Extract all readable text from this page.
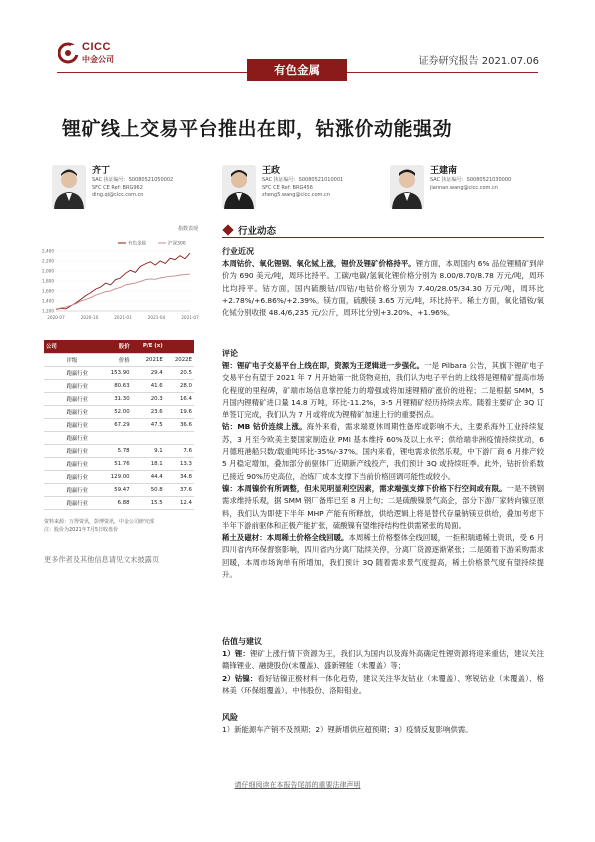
CICC
中金公司	证券研究报告 2021.07.06
有色金属
锂矿线上交易平台推出在即，钴涨价动能强劲
齐丁
SAC 执证编号：S0080521050002
SFC CE Ref: BRG962
ding.qi@cicc.com.cn
王政
SAC 执证编号：S0080521010001
SFC CE Ref: BRG456
zheng5.wang@cicc.com.cn
王建南
SAC 执证编号：S0080521030000
jiannan.wang@cicc.com.cn
指数表现
1,200
1,400
1,600
1,800
2,000
2,200
2,400
2020-07	2020-10	2021-01	2021-04	2021-07
有色金属	沪深300
公司		股价	P/E (x)	
	评级	价格	2021E	2022E
	跑赢行业	153.90	29.4	20.5
	跑赢行业	80.63	41.6	28.0
	跑赢行业	31.30	20.3	16.4
	跑赢行业	52.00	23.6	19.6
	跑赢行业	67.29	47.5	36.6
	跑赢行业			
	跑赢行业	5.78	9.1	7.6
	跑赢行业	51.76	18.1	13.3
	跑赢行业	129.00	44.4	34.8
	跑赢行业	59.47	50.8	37.6
	跑赢行业	6.88	15.5	12.4
资料来源：万得资讯，彭博资讯，中金公司研究部
注：股价为2021年7月5日收盘价
更多作者及其他信息请见文末披露页
行业动态
行业近况
本周钴价、氧化锂钢、氧化铽上涨，锂价及锂矿价格持平。锂方面，本周国内 6% 品位锂精矿到岸价为 690 美元/吨，周环比持平。工碳/电碳/氢氧化锂价格分别为 8.00/8.70/8.78 万元/吨，周环比均持平。钴方面，国内硫酸钴/四钴/电钴价格分别为 7.40/28.05/34.30 万元/吨，周环比+2.78%/+6.86%/+2.39%。镁方面，硫酸镁 3.65 万元/吨，环比持平。稀土方面，氧化镨钕/氧化铽分别收报 48.4/6,235 元/公斤，周环比分别+3.20%、+1.96%。
评论
锂：锂矿电子交易平台上线在即，资源为王逻辑进一步强化。一是 Pilbara 公告，其旗下锂矿电子交易平台有望于 2021 年 7 月开始第一批货物竞拍，我们认为电子平台的上线将是锂精矿提高市场化程度的里程碑，矿端市场信息掌控能力的增强或将加速锂精矿涨价的进程；二是根据 SMM，5 月国内锂精矿进口量 14.8 万吨，环比-11.2%，3-5 月锂精矿经历持续去库。随着主要矿企 3Q 订单签订完成，我们认为 7 月或将成为锂精矿加速上行的重要拐点。
钴：MB 钴价连续上涨。海外来看，需求端夏休周期性备库或影响不大，主要系海外工业持续复苏，3 月至今欧美主要国家制造业 PMI 基本维持 60%及以上水平；供给端非洲疫情持续扰动，6 月德班港船只数/载重吨环比-35%/-37%。国内来看，锂电需求依然乐观，中下游厂商 6 月排产较 5 月稳定增加，叠加部分前驱体厂近期新产线投产，我们预计 3Q 或持续旺季。此外，钴折价系数已接近 90%历史高位，冶炼厂成本支撑下当前价格回调可能性或较小。
镍：本周镍价有所调整，但未见明显利空因素，需求端强支撑下价格下行空间或有限。一是不锈钢需求维持乐观，据 SMM 钢厂备库已至 8 月上旬；二是硫酸镍景气高企，部分下游厂家转向镍豆原料，我们认为即使下半年 MHP 产能有所释放，供给逻辑上将是替代存量钠镁豆供给，叠加考虑下半年下游前驱体和正极产能扩张，硫酸镍有望维持结构性供需紧张的局面。
稀土及磁材：本周稀土价格全线回暖。本周稀土价格整体全线回暖，一拒积瑞通稀土资讯，受 6 月四川省内环保督察影响，四川省内分离厂陆续关停，分离厂货源逐渐紧张；二是随着下游采购需求回暖，本周市场询单有所增加，我们预计 3Q 随着需求景气度提高，稀土价格景气度有望持续提升。
估值与建议
1）锂：锂矿上涨行情下资源为王，我们认为国内以及海外高确定性锂资源将迎来重估，建议关注赣锋锂业、融捷股份(未覆盖)、盛新锂能（未覆盖）等；
2）钴镍：看好钴镍正极材料一体化趋势，建议关注华友钴业（未覆盖）、寒锐钴业（未覆盖）、格林美（环保组覆盖）、中伟股份、洛阳钼业。
风险
1）新能源车产销不及预期；2）锂新增供应超预期；3）疫情反复影响供需。
请仔细阅读在本报告尾部的重要法律声明
